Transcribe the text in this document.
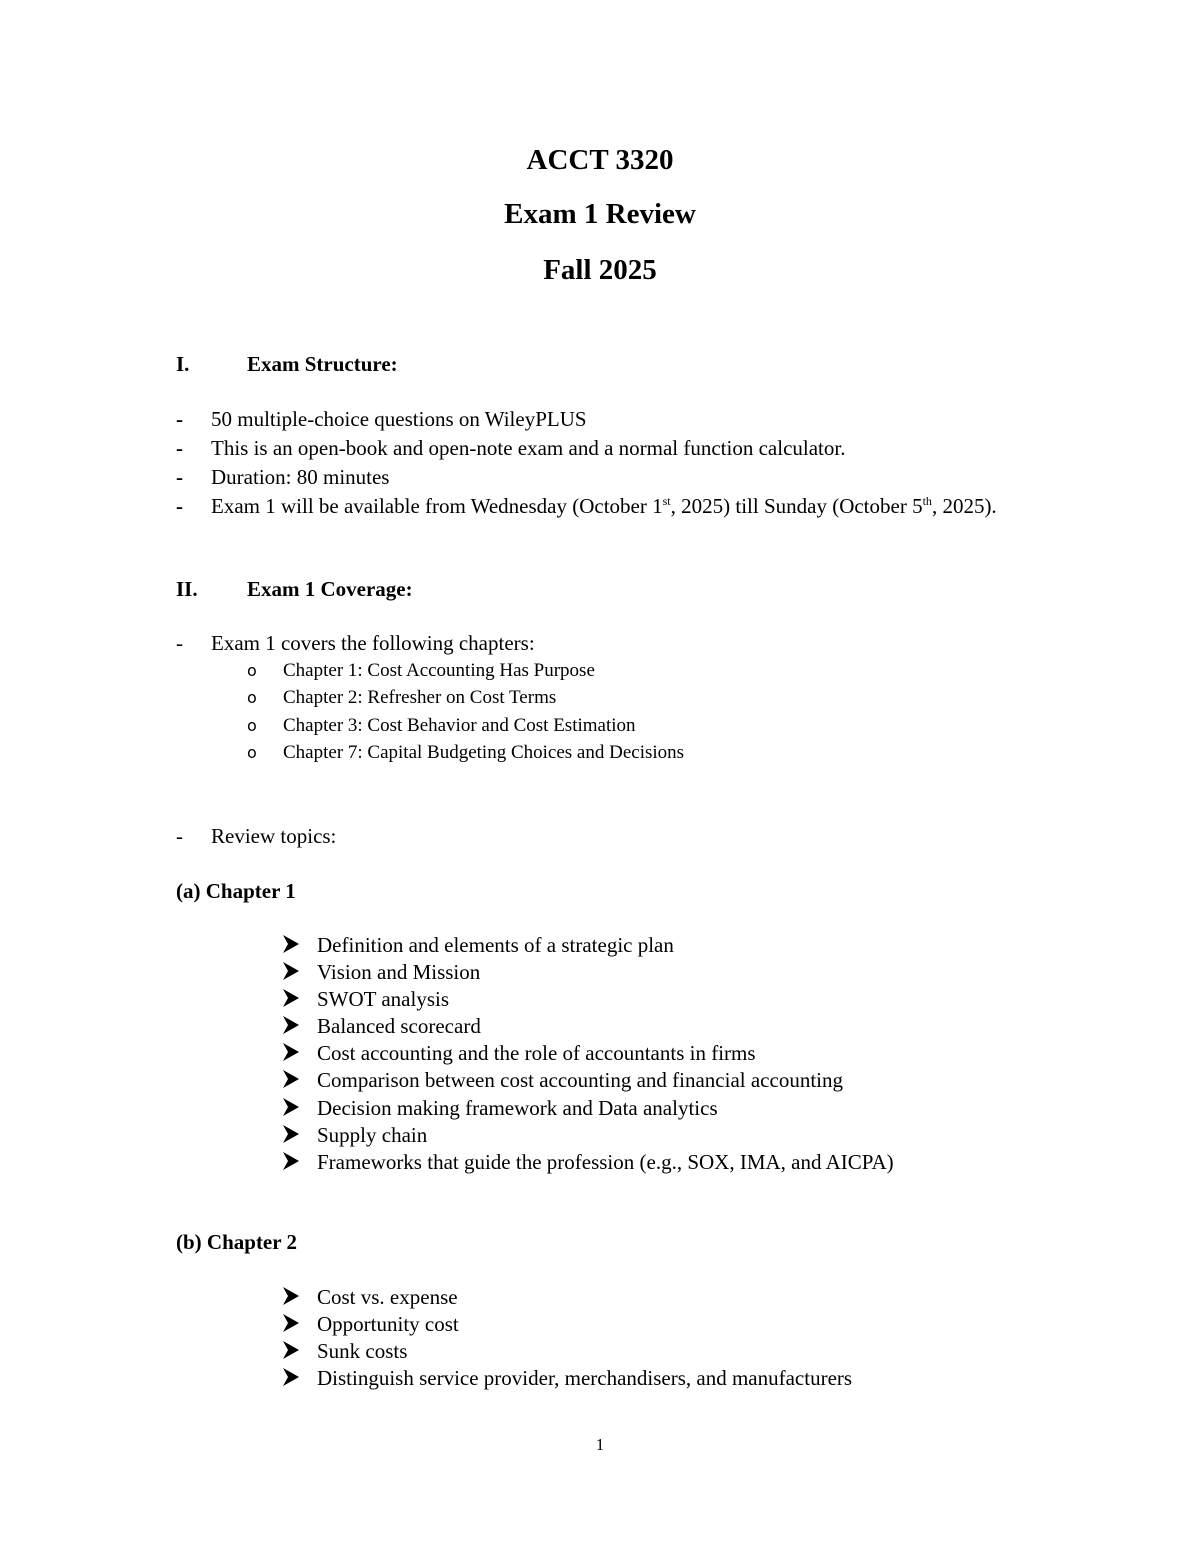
ACCT 3320
Exam 1 Review
Fall 2025
I.	Exam Structure:
- 50 multiple-choice questions on WileyPLUS
- This is an open-book and open-note exam and a normal function calculator.
- Duration: 80 minutes
- Exam 1 will be available from Wednesday (October 1st, 2025) till Sunday (October 5th, 2025).
II. Exam 1 Coverage:
- Exam 1 covers the following chapters:
o Chapter 1: Cost Accounting Has Purpose
o Chapter 2: Refresher on Cost Terms
o Chapter 3: Cost Behavior and Cost Estimation
o Chapter 7: Capital Budgeting Choices and Decisions
- Review topics:
(a) Chapter 1
Definition and elements of a strategic plan
Vision and Mission
SWOT analysis
Balanced scorecard
Cost accounting and the role of accountants in firms
Comparison between cost accounting and financial accounting
Decision making framework and Data analytics
Supply chain
Frameworks that guide the profession (e.g., SOX, IMA, and AICPA)
(b) Chapter 2
Cost vs. expense
Opportunity cost
Sunk costs
Distinguish service provider, merchandisers, and manufacturers
1
